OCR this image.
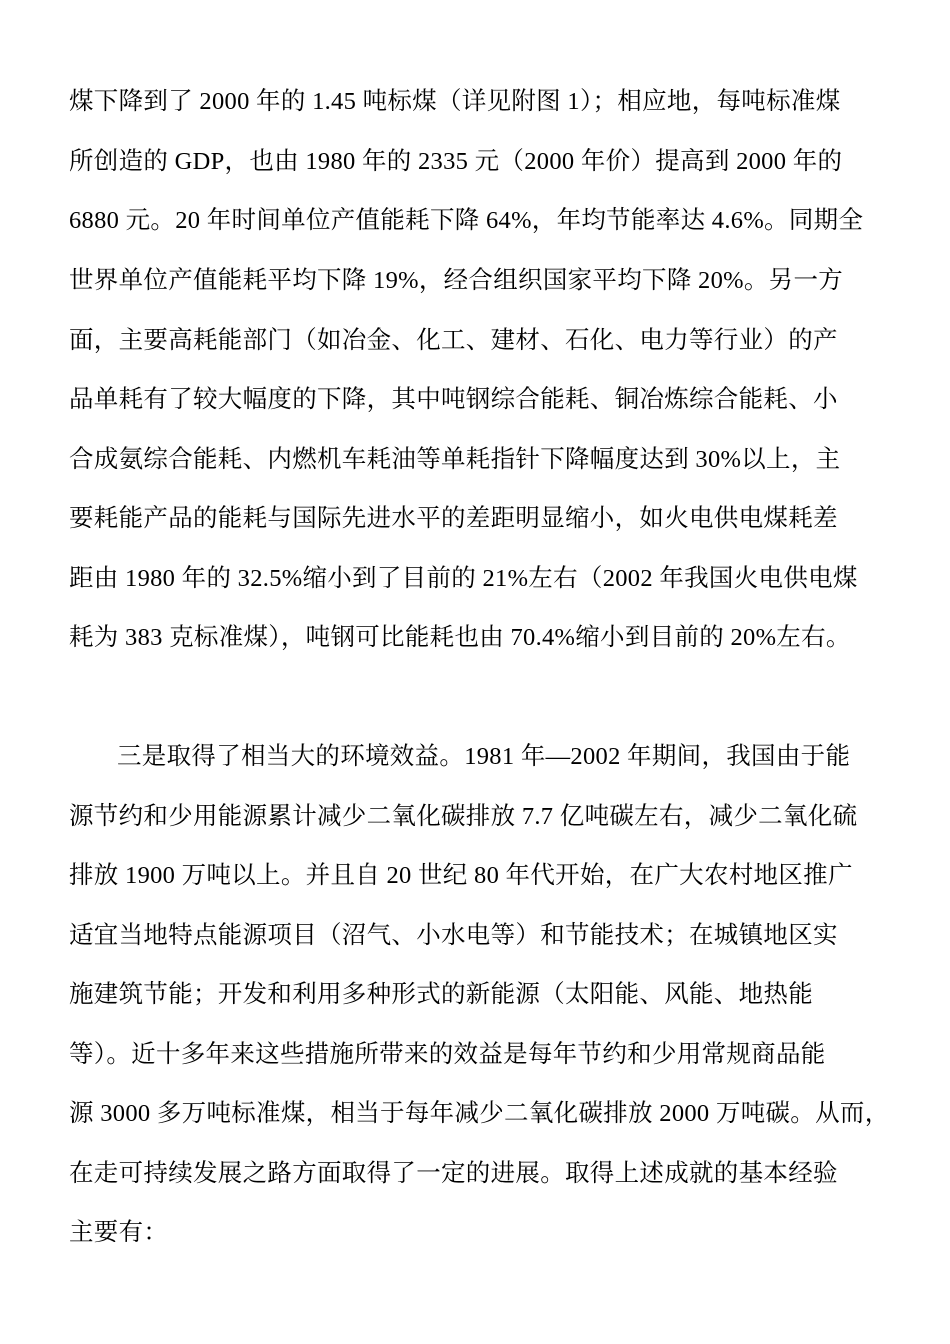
煤下降到了 2000 年的 1.45 吨标煤（详见附图 1）；相应地，每吨标准煤
所创造的 GDP，也由 1980 年的 2335 元（2000 年价）提高到 2000 年的
6880 元。20 年时间单位产值能耗下降 64%，年均节能率达 4.6%。同期全
世界单位产值能耗平均下降 19%，经合组织国家平均下降 20%。另一方
面，主要高耗能部门（如冶金、化工、建材、石化、电力等行业）的产
品单耗有了较大幅度的下降，其中吨钢综合能耗、铜冶炼综合能耗、小
合成氨综合能耗、内燃机车耗油等单耗指针下降幅度达到 30%以上，主
要耗能产品的能耗与国际先进水平的差距明显缩小，如火电供电煤耗差
距由 1980 年的 32.5%缩小到了目前的 21%左右（2002 年我国火电供电煤
耗为 383 克标准煤），吨钢可比能耗也由 70.4%缩小到目前的 20%左右。
三是取得了相当大的环境效益。1981 年—2002 年期间，我国由于能
源节约和少用能源累计减少二氧化碳排放 7.7 亿吨碳左右，减少二氧化硫
排放 1900 万吨以上。并且自 20 世纪 80 年代开始，在广大农村地区推广
适宜当地特点能源项目（沼气、小水电等）和节能技术；在城镇地区实
施建筑节能；开发和利用多种形式的新能源（太阳能、风能、地热能
等）。近十多年来这些措施所带来的效益是每年节约和少用常规商品能
源 3000 多万吨标准煤，相当于每年减少二氧化碳排放 2000 万吨碳。从而，
在走可持续发展之路方面取得了一定的进展。取得上述成就的基本经验
主要有：
